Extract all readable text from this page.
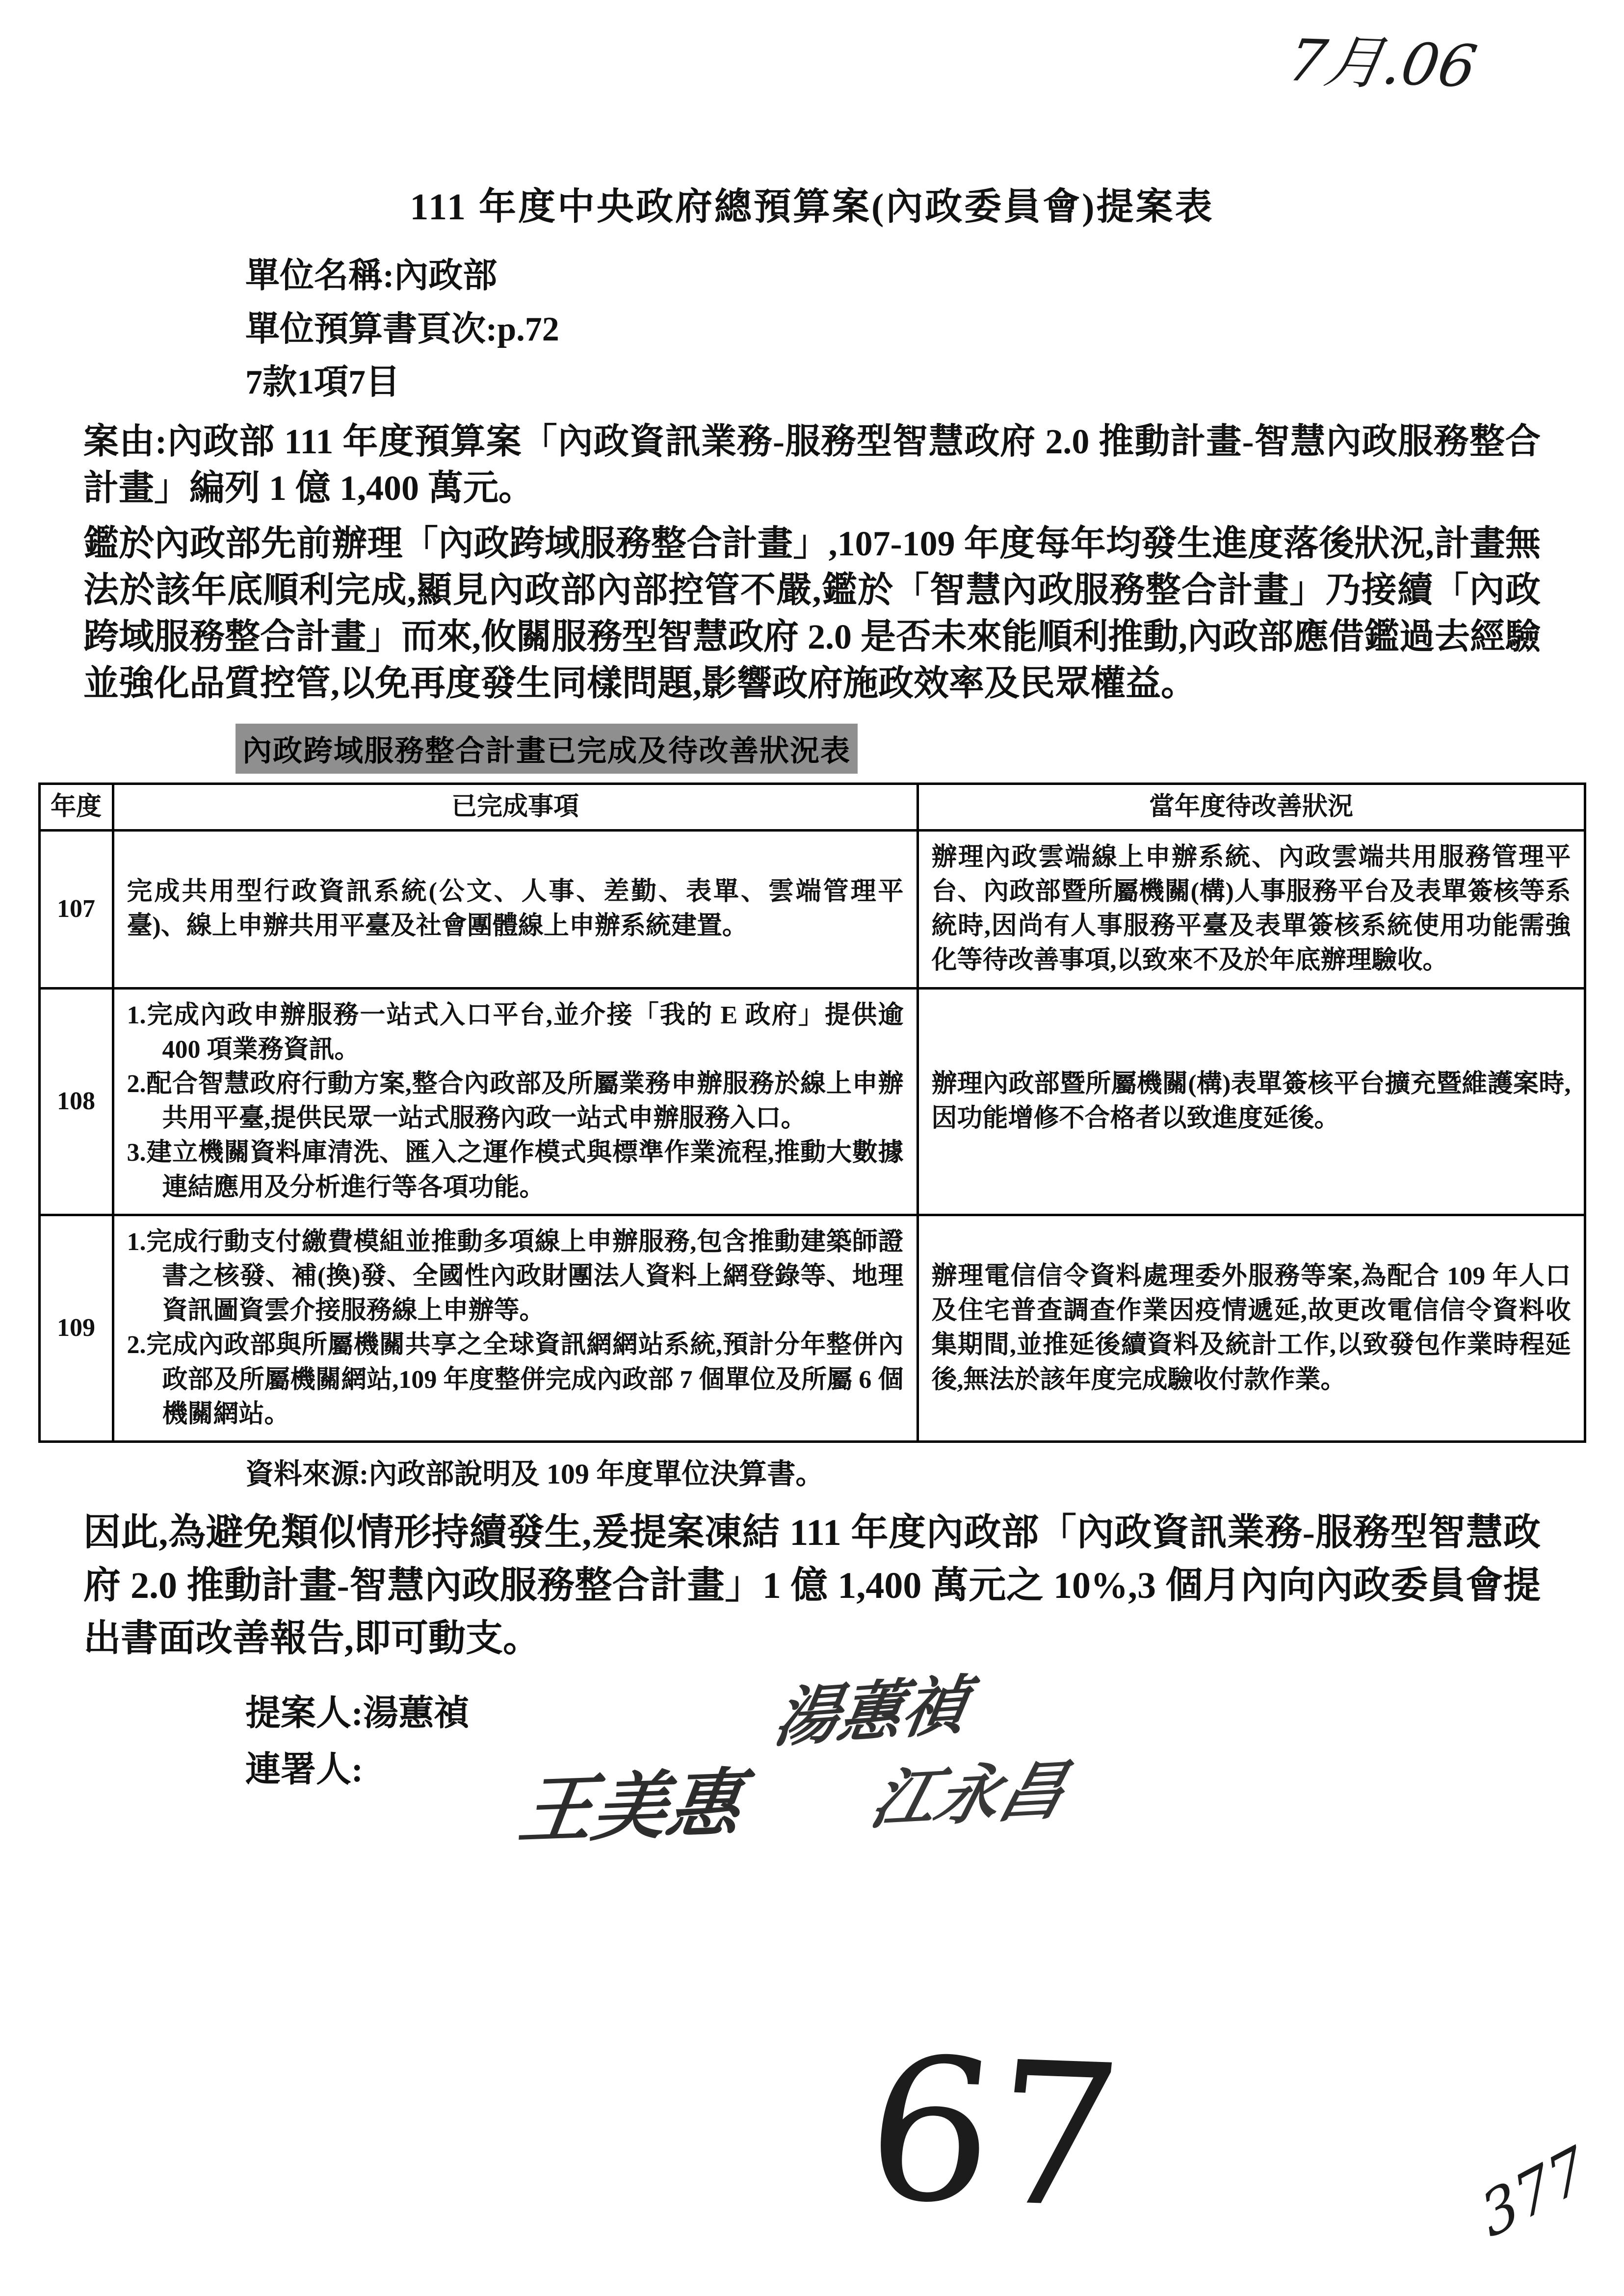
7月.06
111 年度中央政府總預算案(內政委員會)提案表
單位名稱:內政部
單位預算書頁次:p.72
7款1項7目
案由:內政部 111 年度預算案「內政資訊業務-服務型智慧政府 2.0 推動計畫-智慧內政服務整合計畫」編列 1 億 1,400 萬元。
鑑於內政部先前辦理「內政跨域服務整合計畫」,107-109 年度每年均發生進度落後狀況,計畫無法於該年底順利完成,顯見內政部內部控管不嚴,鑑於「智慧內政服務整合計畫」乃接續「內政跨域服務整合計畫」而來,攸關服務型智慧政府 2.0 是否未來能順利推動,內政部應借鑑過去經驗並強化品質控管,以免再度發生同樣問題,影響政府施政效率及民眾權益。
內政跨域服務整合計畫已完成及待改善狀況表
年度	已完成事項	當年度待改善狀況
107	完成共用型行政資訊系統(公文、人事、差勤、表單、雲端管理平臺)、線上申辦共用平臺及社會團體線上申辦系統建置。	辦理內政雲端線上申辦系統、內政雲端共用服務管理平台、內政部暨所屬機關(構)人事服務平台及表單簽核等系統時,因尚有人事服務平臺及表單簽核系統使用功能需強化等待改善事項,以致來不及於年底辦理驗收。

108	1.完成內政申辦服務一站式入口平台,並介接「我的 E 政府」提供逾 400 項業務資訊。
2.配合智慧政府行動方案,整合內政部及所屬業務申辦服務於線上申辦共用平臺,提供民眾一站式服務內政一站式申辦服務入口。
3.建立機關資料庫清洗、匯入之運作模式與標準作業流程,推動大數據連結應用及分析進行等各項功能。	辦理內政部暨所屬機關(構)表單簽核平台擴充暨維護案時,因功能增修不合格者以致進度延後。

109	1.完成行動支付繳費模組並推動多項線上申辦服務,包含推動建築師證書之核發、補(換)發、全國性內政財團法人資料上網登錄等、地理資訊圖資雲介接服務線上申辦等。
2.完成內政部與所屬機關共享之全球資訊網網站系統,預計分年整併內政部及所屬機關網站,109 年度整併完成內政部 7 個單位及所屬 6 個機關網站。	辦理電信信令資料處理委外服務等案,為配合 109 年人口及住宅普查調查作業因疫情遞延,故更改電信信令資料收集期間,並推延後續資料及統計工作,以致發包作業時程延後,無法於該年度完成驗收付款作業。
資料來源:內政部說明及 109 年度單位決算書。
因此,為避免類似情形持續發生,爰提案凍結 111 年度內政部「內政資訊業務-服務型智慧政府 2.0 推動計畫-智慧內政服務整合計畫」1 億 1,400 萬元之 10%,3 個月內向內政委員會提出書面改善報告,即可動支。
提案人:湯蕙禎
連署人:
湯蕙禎
王美惠 江永昌
67	377
